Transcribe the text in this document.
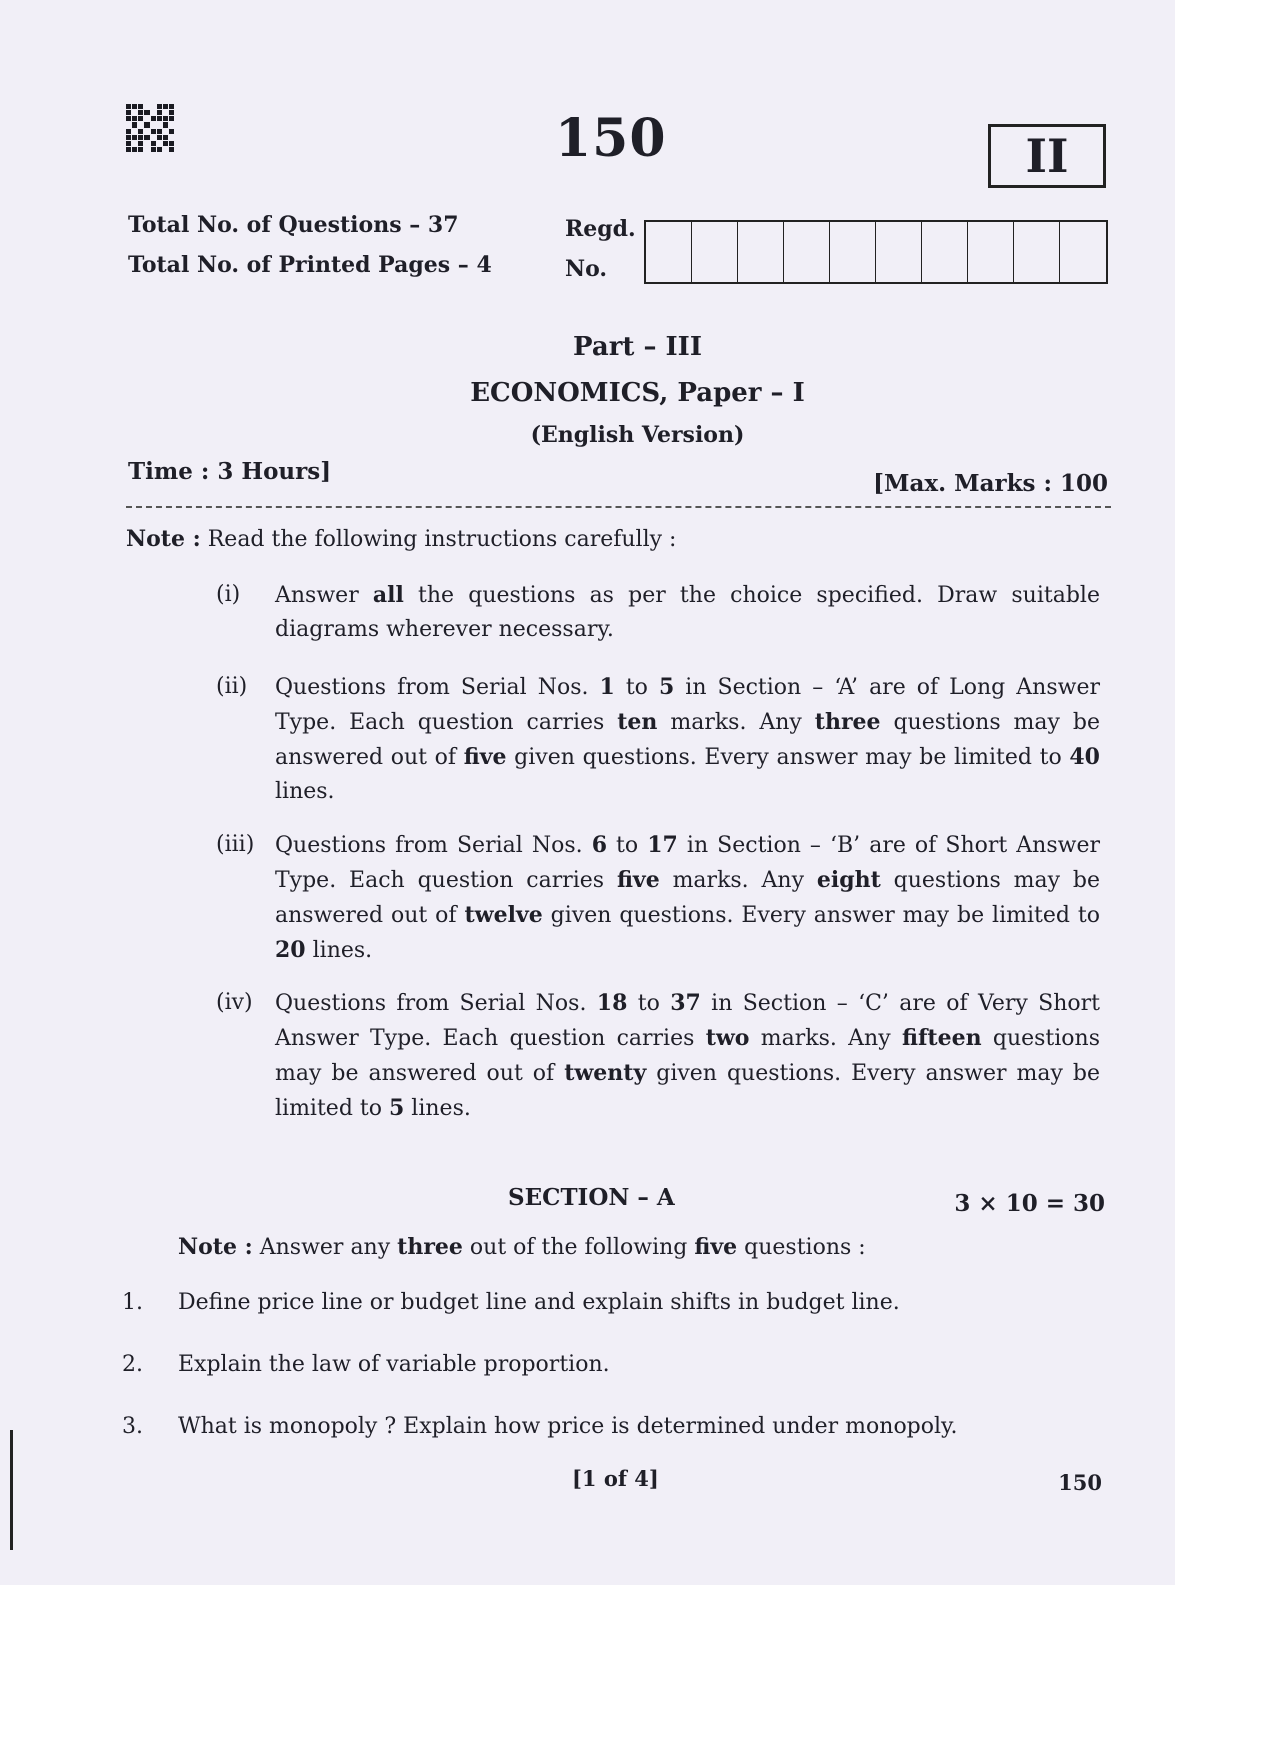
150	II
Total No. of Questions – 37
Total No. of Printed Pages – 4
Regd.
No.
Part – III
ECONOMICS, Paper – I
(English Version)
Time : 3 Hours]	[Max. Marks : 100
Note : Read the following instructions carefully :
(i) Answer all the questions as per the choice specified. Draw suitable diagrams wherever necessary.
(ii) Questions from Serial Nos. 1 to 5 in Section – ‘A’ are of Long Answer Type. Each question carries ten marks. Any three questions may be answered out of five given questions. Every answer may be limited to 40 lines.
(iii) Questions from Serial Nos. 6 to 17 in Section – ‘B’ are of Short Answer Type. Each question carries five marks. Any eight questions may be answered out of twelve given questions. Every answer may be limited to 20 lines.
(iv) Questions from Serial Nos. 18 to 37 in Section – ‘C’ are of Very Short Answer Type. Each question carries two marks. Any fifteen questions may be answered out of twenty given questions. Every answer may be limited to 5 lines.
SECTION – A	3 × 10 = 30
Note : Answer any three out of the following five questions :
1. Define price line or budget line and explain shifts in budget line.
2. Explain the law of variable proportion.
3. What is monopoly ? Explain how price is determined under monopoly.
[1 of 4]	150
